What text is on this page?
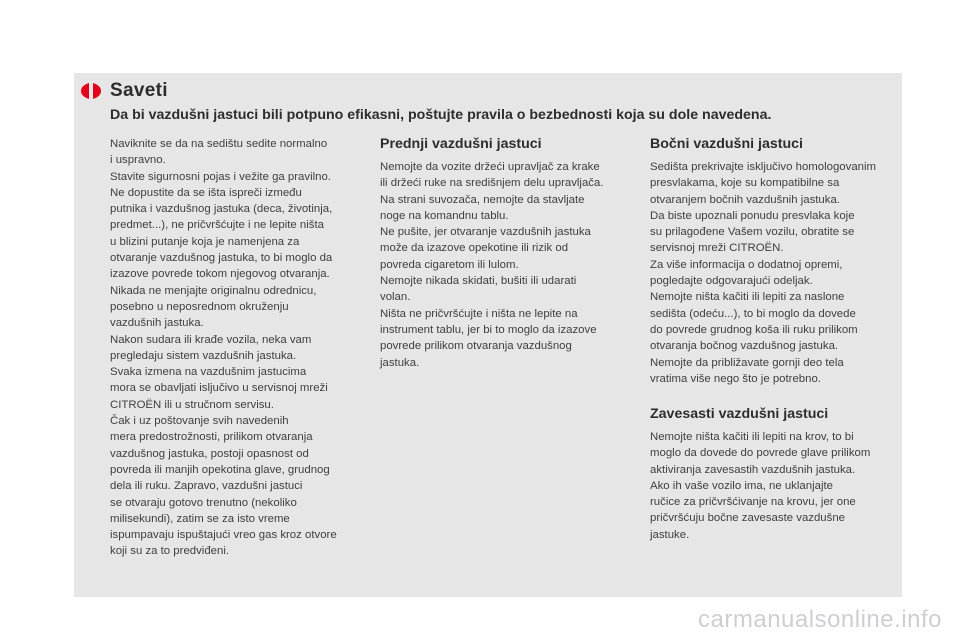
Saveti
Da bi vazdušni jastuci bili potpuno efikasni, poštujte pravila o bezbednosti koja su dole navedena.

Naviknite se da na sedištu sedite normalno
i uspravno.
Stavite sigurnosni pojas i vežite ga pravilno.
Ne dopustite da se išta ispreči između
putnika i vazdušnog jastuka (deca, životinja,
predmet...), ne pričvršćujte i ne lepite ništa
u blizini putanje koja je namenjena za
otvaranje vazdušnog jastuka, to bi moglo da
izazove povrede tokom njegovog otvaranja.
Nikada ne menjajte originalnu odrednicu,
posebno u neposrednom okruženju
vazdušnih jastuka.
Nakon sudara ili krađe vozila, neka vam
pregledaju sistem vazdušnih jastuka.
Svaka izmena na vazdušnim jastucima
mora se obavljati isljučivo u servisnoj mreži
CITROËN ili u stručnom servisu.
Čak i uz poštovanje svih navedenih
mera predostrožnosti, prilikom otvaranja
vazdušnog jastuka, postoji opasnost od
povreda ili manjih opekotina glave, grudnog
dela ili ruku. Zapravo, vazdušni jastuci
se otvaraju gotovo trenutno (nekoliko
milisekundi), zatim se za isto vreme
ispumpavaju ispuštajući vreo gas kroz otvore
koji su za to predviđeni.

Prednji vazdušni jastuci

Nemojte da vozite držeći upravljač za krake
ili držeći ruke na središnjem delu upravljača.
Na strani suvozača, nemojte da stavljate
noge na komandnu tablu.
Ne pušite, jer otvaranje vazdušnih jastuka
može da izazove opekotine ili rizik od
povreda cigaretom ili lulom.
Nemojte nikada skidati, bušiti ili udarati
volan.
Ništa ne pričvršćujte i ništa ne lepite na
instrument tablu, jer bi to moglo da izazove
povrede prilikom otvaranja vazdušnog
jastuka.

Bočni vazdušni jastuci

Sedišta prekrivajte isključivo homologovanim
presvlakama, koje su kompatibilne sa
otvaranjem bočnih vazdušnih jastuka.
Da biste upoznali ponudu presvlaka koje
su prilagođene Vašem vozilu, obratite se
servisnoj mreži CITROËN.
Za više informacija o dodatnoj opremi,
pogledajte odgovarajući odeljak.
Nemojte ništa kačiti ili lepiti za naslone
sedišta (odeću...), to bi moglo da dovede
do povrede grudnog koša ili ruku prilikom
otvaranja bočnog vazdušnog jastuka.
Nemojte da približavate gornji deo tela
vratima više nego što je potrebno.

Zavesasti vazdušni jastuci

Nemojte ništa kačiti ili lepiti na krov, to bi
moglo da dovede do povrede glave prilikom
aktiviranja zavesastih vazdušnih jastuka.
Ako ih vaše vozilo ima, ne uklanjajte
ručice za pričvršćivanje na krovu, jer one
pričvršćuju bočne zavesaste vazdušne
jastuke.

carmanualsonline.info
